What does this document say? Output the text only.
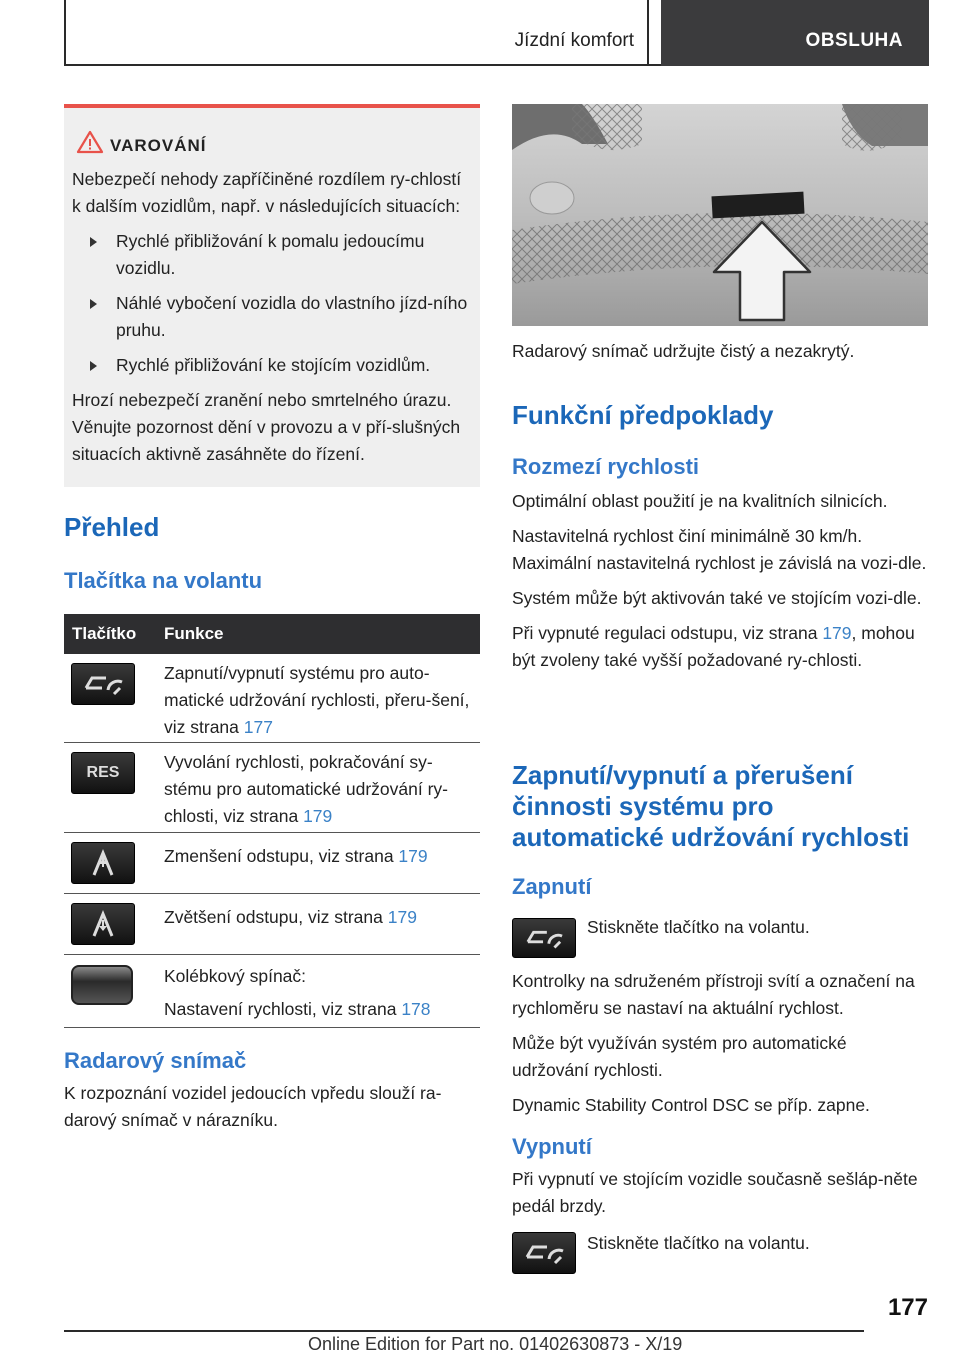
Jízdní komfort	OBSLUHA
VAROVÁNÍ

Nebezpečí nehody zapříčiněné rozdílem ry-chlostí k dalším vozidlům, např. v následujících situacích:

Rychlé přibližování k pomalu jedoucímu vozidlu.

Náhlé vybočení vozidla do vlastního jízd-ního pruhu.

Rychlé přibližování ke stojícím vozidlům.

Hrozí nebezpečí zranění nebo smrtelného úrazu. Věnujte pozornost dění v provozu a v pří-slušných situacích aktivně zasáhněte do řízení.

Přehled
Tlačítka na volantu
Tlačítko	Funkce
Zapnutí/vypnutí systému pro auto-matické udržování rychlosti, přeru-šení, viz strana 177
RES
Vyvolání rychlosti, pokračování sy-stému pro automatické udržování ry-chlosti, viz strana 179
Zmenšení odstupu, viz strana 179
Zvětšení odstupu, viz strana 179
Kolébkový spínač:
Nastavení rychlosti, viz strana 178
Radarový snímač

K rozpoznání vozidel jedoucích vpředu slouží ra-darový snímač v nárazníku.

Radarový snímač udržujte čistý a nezakrytý.

Funkční předpoklady
Rozmezí rychlosti

Optimální oblast použití je na kvalitních silnicích.

Nastavitelná rychlost činí minimálně 30 km/h. Maximální nastavitelná rychlost je závislá na vozi-dle.

Systém může být aktivován také ve stojícím vozi-dle.

Při vypnuté regulaci odstupu, viz strana 179, mohou být zvoleny také vyšší požadované ry-chlosti.

Zapnutí/vypnutí a přerušení
činnosti systému pro
automatické udržování rychlosti
Zapnutí

Stiskněte tlačítko na volantu.

Kontrolky na sdruženém přístroji svítí a označení na rychloměru se nastaví na aktuální rychlost.

Může být využíván systém pro automatické udržování rychlosti.

Dynamic Stability Control DSC se příp. zapne.

Vypnutí

Při vypnutí ve stojícím vozidle současně sešláp-něte pedál brzdy.

Stiskněte tlačítko na volantu.

177
Online Edition for Part no. 01402630873 - X/19
